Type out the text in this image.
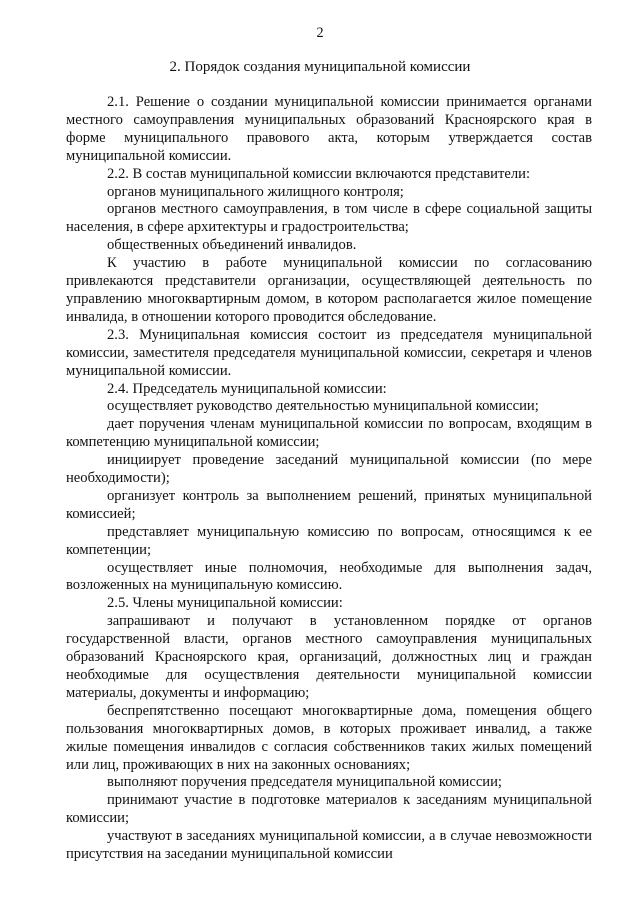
2
2. Порядок создания муниципальной комиссии

2.1. Решение о создании муниципальной комиссии принимается органами местного самоуправления муниципальных образований Красноярского края в форме муниципального правового акта, которым утверждается состав муниципальной комиссии.

2.2. В состав муниципальной комиссии включаются представители:

органов муниципального жилищного контроля;

органов местного самоуправления, в том числе в сфере социальной защиты населения, в сфере архитектуры и градостроительства;

общественных объединений инвалидов.

К участию в работе муниципальной комиссии по согласованию привлекаются представители организации, осуществляющей деятельность по управлению многоквартирным домом, в котором располагается жилое помещение инвалида, в отношении которого проводится обследование.

2.3. Муниципальная комиссия состоит из председателя муниципальной комиссии, заместителя председателя муниципальной комиссии, секретаря и членов муниципальной комиссии.

2.4. Председатель муниципальной комиссии:

осуществляет руководство деятельностью муниципальной комиссии;

дает поручения членам муниципальной комиссии по вопросам, входящим в компетенцию муниципальной комиссии;

инициирует проведение заседаний муниципальной комиссии (по мере необходимости);

организует контроль за выполнением решений, принятых муниципальной комиссией;

представляет муниципальную комиссию по вопросам, относящимся к ее компетенции;

осуществляет иные полномочия, необходимые для выполнения задач, возложенных на муниципальную комиссию.

2.5. Члены муниципальной комиссии:

запрашивают и получают в установленном порядке от органов государственной власти, органов местного самоуправления муниципальных образований Красноярского края, организаций, должностных лиц и граждан необходимые для осуществления деятельности муниципальной комиссии материалы, документы и информацию;

беспрепятственно посещают многоквартирные дома, помещения общего пользования многоквартирных домов, в которых проживает инвалид, а также жилые помещения инвалидов с согласия собственников таких жилых помещений или лиц, проживающих в них на законных основаниях;

выполняют поручения председателя муниципальной комиссии;

принимают участие в подготовке материалов к заседаниям муниципальной комиссии;

участвуют в заседаниях муниципальной комиссии, а в случае невозможности присутствия на заседании муниципальной комиссии
